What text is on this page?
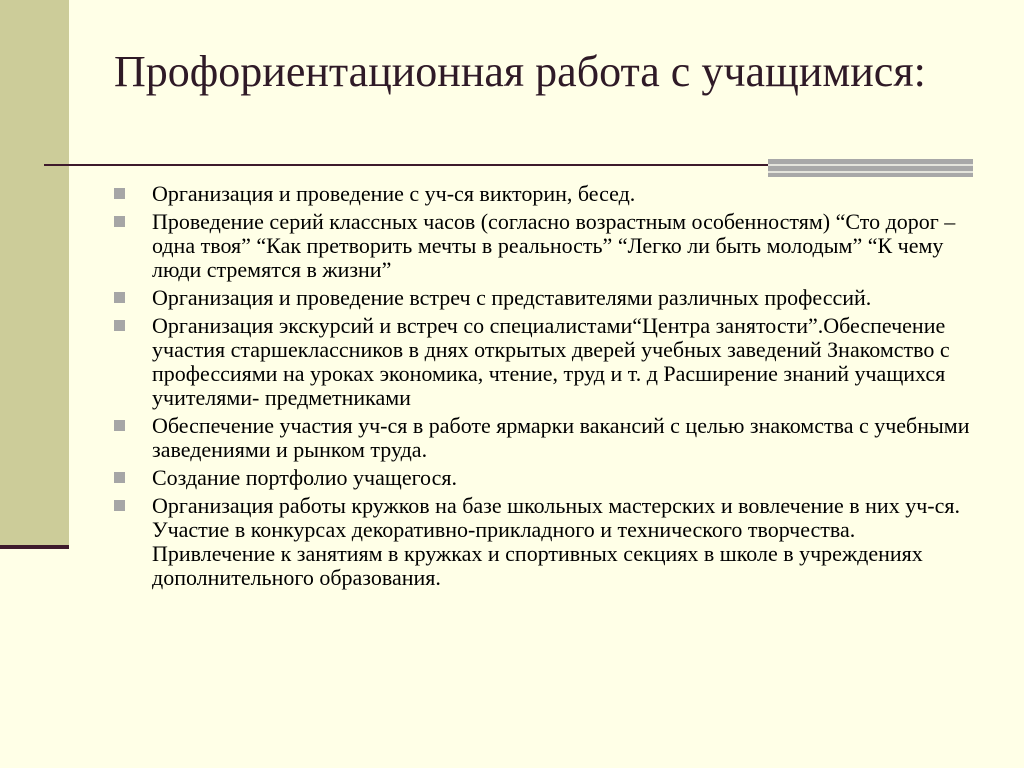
Профориентационная работа с учащимися:
Организация и проведение с уч-ся викторин, бесед.
Проведение серий классных часов (согласно возрастным особенностям) “Сто дорог – одна твоя” “Как претворить мечты в реальность” “Легко ли быть молодым” “К чему люди стремятся в жизни”
Организация и проведение встреч с представителями различных профессий.
Организация экскурсий и встреч со специалистами“Центра занятости”.Обеспечение участия старшеклассников в днях открытых дверей учебных заведений Знакомство с профессиями на уроках экономика, чтение, труд и т. д Расширение знаний учащихся учителями- предметниками
Обеспечение участия уч-ся в работе ярмарки вакансий с целью знакомства с учебными заведениями и рынком труда.
Создание портфолио учащегося.
Организация работы кружков на базе школьных мастерских и вовлечение в них уч-ся. Участие в конкурсах декоративно-прикладного и технического творчества. Привлечение к занятиям в кружках и спортивных секциях в школе в учреждениях дополнительного образования.
